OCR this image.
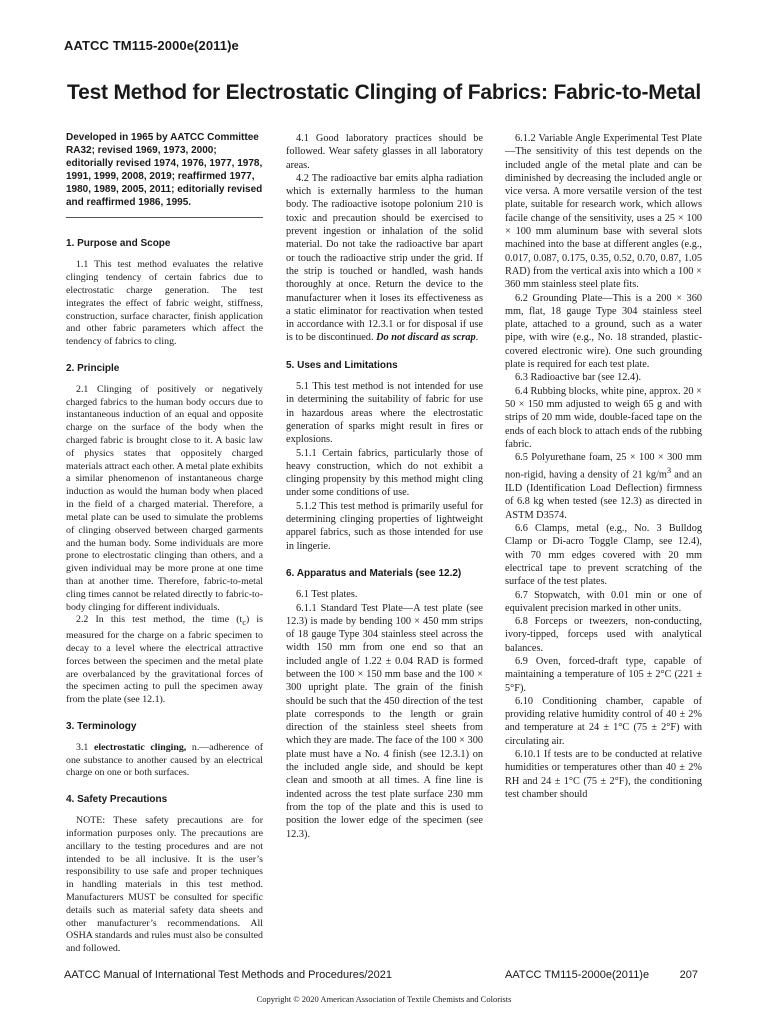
AATCC TM115-2000e(2011)e
Test Method for Electrostatic Clinging of Fabrics: Fabric-to-Metal

Developed in 1965 by AATCC Committee RA32; revised 1969, 1973, 2000; editorially revised 1974, 1976, 1977, 1978, 1991, 1999, 2008, 2019; reaffirmed 1977, 1980, 1989, 2005, 2011; editorially revised and reaffirmed 1986, 1995.

1. Purpose and Scope

1.1 This test method evaluates the relative clinging tendency of certain fabrics due to electrostatic charge generation. The test integrates the effect of fabric weight, stiffness, construction, surface character, finish application and other fabric parameters which affect the tendency of fabrics to cling.

2. Principle

2.1 Clinging of positively or negatively charged fabrics to the human body occurs due to instantaneous induction of an equal and opposite charge on the surface of the body when the charged fabric is brought close to it. A basic law of physics states that oppositely charged materials attract each other. A metal plate exhibits a similar phenomenon of instantaneous charge induction as would the human body when placed in the field of a charged material. Therefore, a metal plate can be used to simulate the problems of clinging observed between charged garments and the human body. Some individuals are more prone to electrostatic clinging than others, and a given individual may be more prone at one time than at another time. Therefore, fabric-to-metal cling times cannot be related directly to fabric-to-body clinging for different individuals.

2.2 In this test method, the time $(t_c)$ is measured for the charge on a fabric specimen to decay to a level where the electrical attractive forces between the specimen and the metal plate are overbalanced by the gravitational forces of the specimen acting to pull the specimen away from the plate (see 12.1).

3. Terminology

3.1 electrostatic clinging, n.—adherence of one substance to another caused by an electrical charge on one or both surfaces.

4. Safety Precautions

NOTE: These safety precautions are for information purposes only. The precautions are ancillary to the testing procedures and are not intended to be all inclusive. It is the user’s responsibility to use safe and proper techniques in handling materials in this test method. Manufacturers MUST be consulted for specific details such as material safety data sheets and other manufacturer’s recommendations. All OSHA standards and rules must also be consulted and followed.

4.1 Good laboratory practices should be followed. Wear safety glasses in all laboratory areas.

4.2 The radioactive bar emits alpha radiation which is externally harmless to the human body. The radioactive isotope polonium 210 is toxic and precaution should be exercised to prevent ingestion or inhalation of the solid material. Do not take the radioactive bar apart or touch the radioactive strip under the grid. If the strip is touched or handled, wash hands thoroughly at once. Return the device to the manufacturer when it loses its effectiveness as a static eliminator for reactivation when tested in accordance with 12.3.1 or for disposal if use is to be discontinued. Do not discard as scrap.

5. Uses and Limitations

5.1 This test method is not intended for use in determining the suitability of fabric for use in hazardous areas where the electrostatic generation of sparks might result in fires or explosions.

5.1.1 Certain fabrics, particularly those of heavy construction, which do not exhibit a clinging propensity by this method might cling under some conditions of use.

5.1.2 This test method is primarily useful for determining clinging properties of lightweight apparel fabrics, such as those intended for use in lingerie.

6. Apparatus and Materials (see 12.2)

6.1 Test plates.

6.1.1 Standard Test Plate—A test plate (see 12.3) is made by bending 100 × 450 mm strips of 18 gauge Type 304 stainless steel across the width 150 mm from one end so that an included angle of 1.22 ± 0.04 RAD is formed between the 100 × 150 mm base and the 100 × 300 upright plate. The grain of the finish should be such that the 450 direction of the test plate corresponds to the length or grain direction of the stainless steel sheets from which they are made. The face of the 100 × 300 plate must have a No. 4 finish (see 12.3.1) on the included angle side, and should be kept clean and smooth at all times. A fine line is indented across the test plate surface 230 mm from the top of the plate and this is used to position the lower edge of the specimen (see 12.3).

6.1.2 Variable Angle Experimental Test Plate—The sensitivity of this test depends on the included angle of the metal plate and can be diminished by decreasing the included angle or vice versa. A more versatile version of the test plate, suitable for research work, which allows facile change of the sensitivity, uses a 25 × 100 × 100 mm aluminum base with several slots machined into the base at different angles (e.g., 0.017, 0.087, 0.175, 0.35, 0.52, 0.70, 0.87, 1.05 RAD) from the vertical axis into which a 100 × 360 mm stainless steel plate fits.

6.2 Grounding Plate—This is a 200 × 360 mm, flat, 18 gauge Type 304 stainless steel plate, attached to a ground, such as a water pipe, with wire (e.g., No. 18 stranded, plastic-covered electronic wire). One such grounding plate is required for each test plate.

6.3 Radioactive bar (see 12.4).

6.4 Rubbing blocks, white pine, approx. 20 × 50 × 150 mm adjusted to weigh 65 g and with strips of 20 mm wide, double-faced tape on the ends of each block to attach ends of the rubbing fabric.

6.5 Polyurethane foam, 25 × 100 × 300 mm non-rigid, having a density of 21 $kg/m^3$ and an ILD (Identification Load Deflection) firmness of 6.8 kg when tested (see 12.3) as directed in ASTM D3574.

6.6 Clamps, metal (e.g., No. 3 Bulldog Clamp or Di-acro Toggle Clamp, see 12.4), with 70 mm edges covered with 20 mm electrical tape to prevent scratching of the surface of the test plates.

6.7 Stopwatch, with 0.01 min or one of equivalent precision marked in other units.

6.8 Forceps or tweezers, non-conducting, ivory-tipped, forceps used with analytical balances.

6.9 Oven, forced-draft type, capable of maintaining a temperature of 105 ± 2°C (221 ± 5°F).

6.10 Conditioning chamber, capable of providing relative humidity control of 40 ± 2% and temperature at 24 ± 1°C (75 ± 2°F) with circulating air.

6.10.1 If tests are to be conducted at relative humidities or temperatures other than 40 ± 2% RH and 24 ± 1°C (75 ± 2°F), the conditioning test chamber should

AATCC Manual of International Test Methods and Procedures/2021	AATCC TM115-2000e(2011)e          207
Copyright © 2020 American Association of Textile Chemists and Colorists
